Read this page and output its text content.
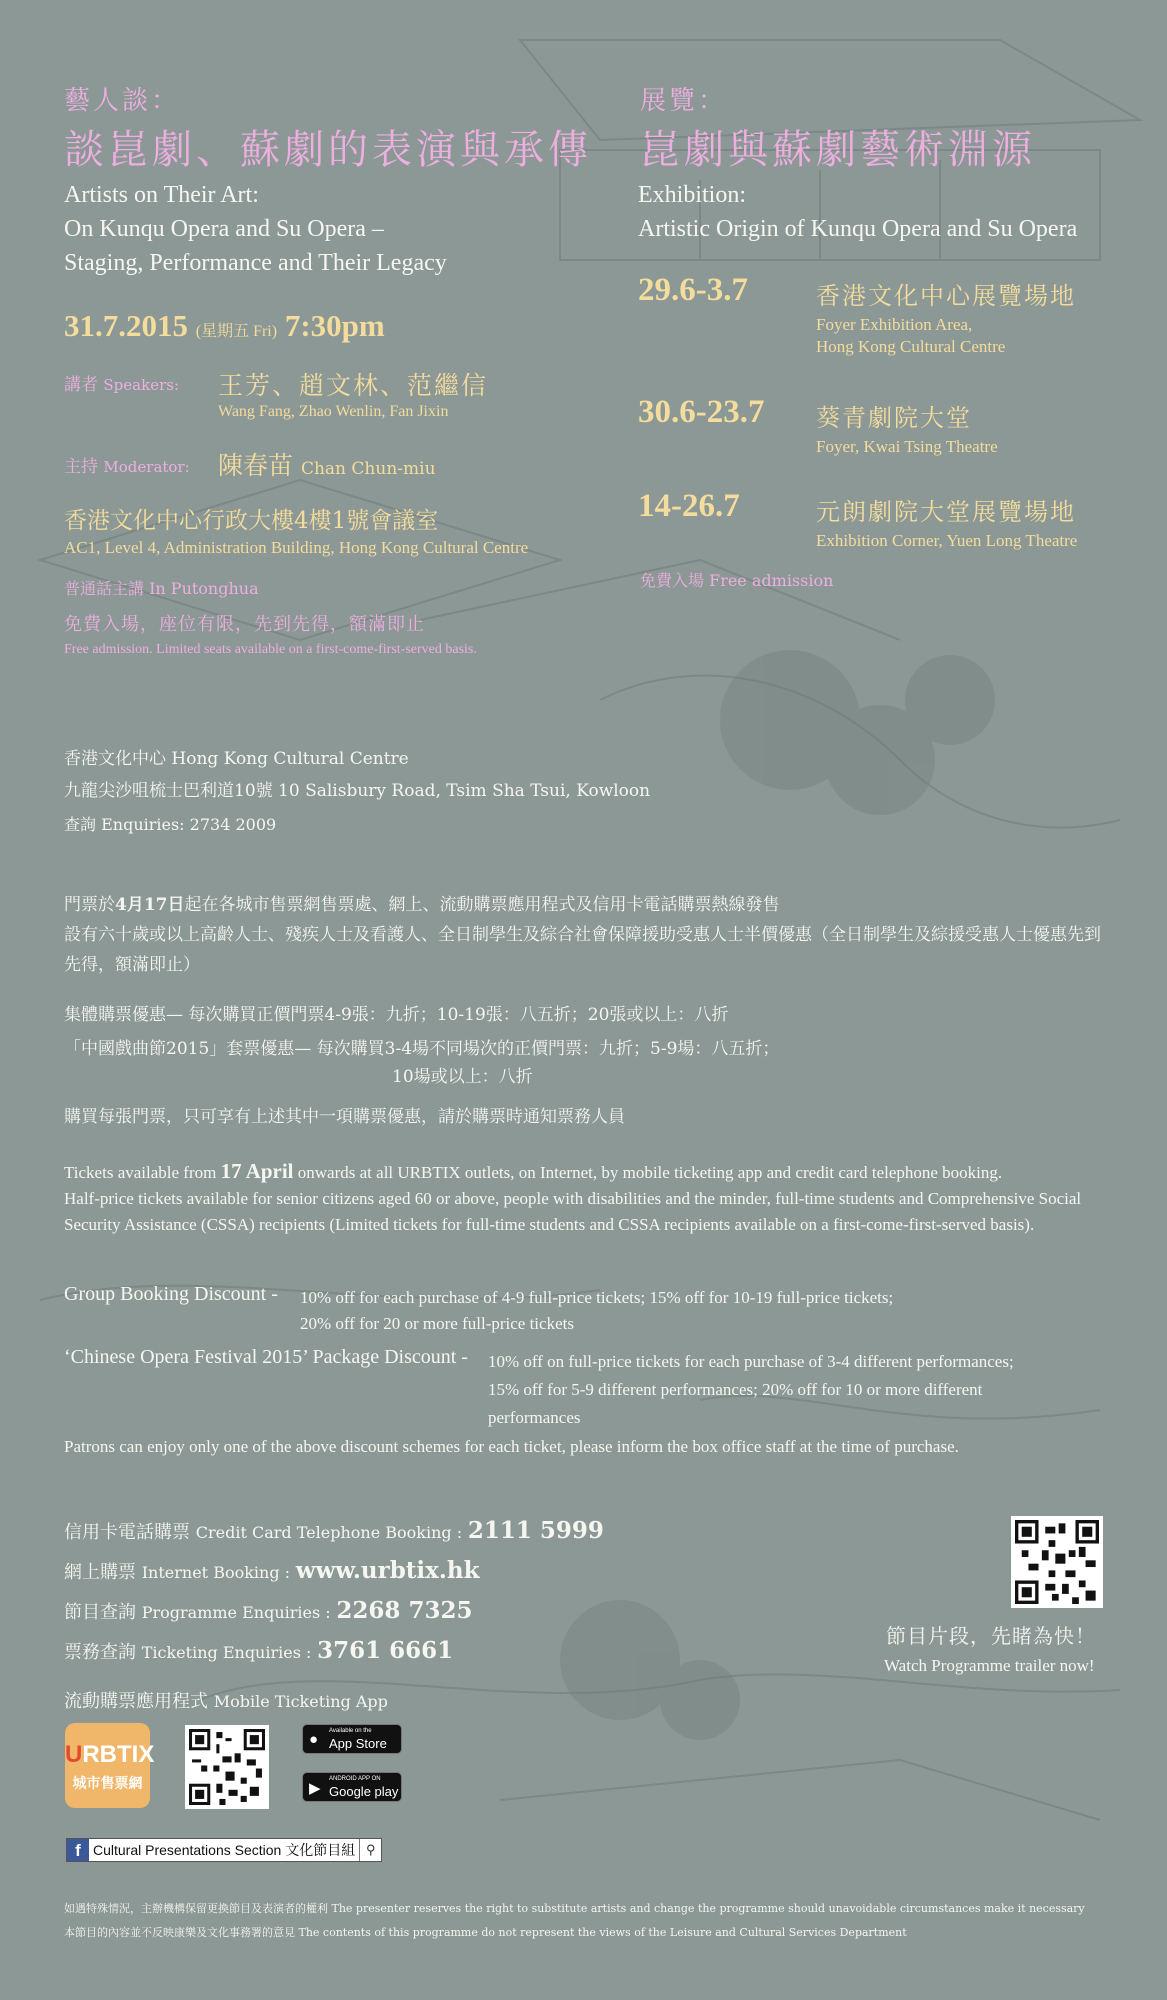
藝人談：
談崑劇、蘇劇的表演與承傳
Artists on Their Art:
On Kunqu Opera and Su Opera –
Staging, Performance and Their Legacy
31.7.2015 (星期五 Fri) 7:30pm
講者 Speakers: 王芳、趙文林、范繼信
Wang Fang, Zhao Wenlin, Fan Jixin
主持 Moderator: 陳春苗 Chan Chun-miu
香港文化中心行政大樓4樓1號會議室
AC1, Level 4, Administration Building, Hong Kong Cultural Centre
普通話主講 In Putonghua
免費入場，座位有限，先到先得，額滿即止
Free admission. Limited seats available on a first-come-first-served basis.
展覽：
崑劇與蘇劇藝術淵源
Exhibition:
Artistic Origin of Kunqu Opera and Su Opera
29.6-3.7	香港文化中心展覽場地
Foyer Exhibition Area,
Hong Kong Cultural Centre
30.6-23.7 葵青劇院大堂
Foyer, Kwai Tsing Theatre
14-26.7	元朗劇院大堂展覽場地
Exhibition Corner, Yuen Long Theatre
免費入場 Free admission
香港文化中心 Hong Kong Cultural Centre
九龍尖沙咀梳士巴利道10號 10 Salisbury Road, Tsim Sha Tsui, Kowloon
查詢 Enquiries: 2734 2009
門票於4月17日起在各城市售票網售票處、網上、流動購票應用程式及信用卡電話購票熱線發售
設有六十歲或以上高齡人士、殘疾人士及看護人、全日制學生及綜合社會保障援助受惠人士半價優惠（全日制學生及綜援受惠人士優惠先到先得，額滿即止）
集體購票優惠— 每次購買正價門票4-9張：九折；10-19張：八五折；20張或以上：八折
「中國戲曲節2015」套票優惠— 每次購買3-4場不同場次的正價門票：九折；5-9場：八五折；
10場或以上：八折
購買每張門票，只可享有上述其中一項購票優惠，請於購票時通知票務人員
Tickets available from 17 April onwards at all URBTIX outlets, on Internet, by mobile ticketing app and credit card telephone booking.
Half-price tickets available for senior citizens aged 60 or above, people with disabilities and the minder, full-time students and Comprehensive Social Security Assistance (CSSA) recipients (Limited tickets for full-time students and CSSA recipients available on a first-come-first-served basis).
Group Booking Discount - 10% off for each purchase of 4-9 full-price tickets; 15% off for 10-19 full-price tickets;
20% off for 20 or more full-price tickets
‘Chinese Opera Festival 2015’ Package Discount - 10% off on full-price tickets for each purchase of 3-4 different performances;
15% off for 5-9 different performances; 20% off for 10 or more different
performances
Patrons can enjoy only one of the above discount schemes for each ticket, please inform the box office staff at the time of purchase.
信用卡電話購票 Credit Card Telephone Booking : 2111 5999
網上購票 Internet Booking : www.urbtix.hk
節目查詢 Programme Enquiries : 2268 7325
票務查詢 Ticketing Enquiries : 3761 6661
流動購票應用程式 Mobile Ticketing App
URBTIX
城市售票網
● Available on the
App Store
▶
ANDROID APP ON
Google play
節目片段，先睹為快！
Watch Programme trailer now!
f Cultural Presentations Section 文化節目組 ⚲
如遇特殊情況，主辦機構保留更換節目及表演者的權利 The presenter reserves the right to substitute artists and change the programme should unavoidable circumstances make it necessary
本節目的內容並不反映康樂及文化事務署的意見 The contents of this programme do not represent the views of the Leisure and Cultural Services Department
